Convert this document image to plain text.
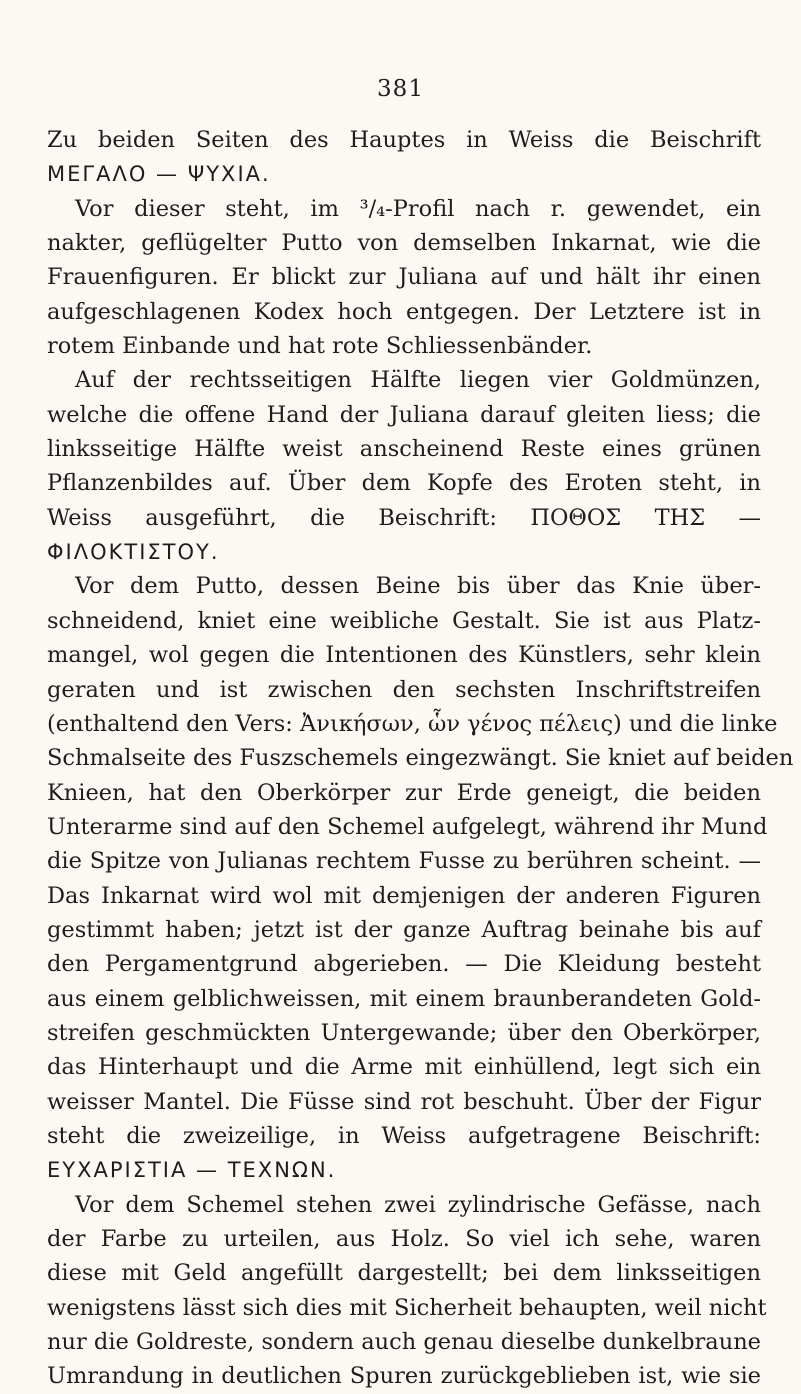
381
Zu beiden Seiten des Hauptes in Weiss die Beischrift
MEΓΑΛΟ — ΨΥΧΙΑ.
Vor dieser steht, im ³/₄-Profil nach r. gewendet, ein
nakter, geflügelter Putto von demselben Inkarnat, wie die
Frauenfiguren. Er blickt zur Juliana auf und hält ihr einen
aufgeschlagenen Kodex hoch entgegen. Der Letztere ist in
rotem Einbande und hat rote Schliessenbänder.
Auf der rechtsseitigen Hälfte liegen vier Goldmünzen,
welche die offene Hand der Juliana darauf gleiten liess; die
linksseitige Hälfte weist anscheinend Reste eines grünen
Pflanzenbildes auf. Über dem Kopfe des Eroten steht, in
Weiss ausgeführt, die Beischrift: ΠΟΘΟΣ ΤΗΣ —
ΦΙΛΟΚΤΙΣΤΟΥ.
Vor dem Putto, dessen Beine bis über das Knie über-
schneidend, kniet eine weibliche Gestalt. Sie ist aus Platz-
mangel, wol gegen die Intentionen des Künstlers, sehr klein
geraten und ist zwischen den sechsten Inschriftstreifen
(enthaltend den Vers: Ἀνικήσων, ὧν γένος πέλεις) und die linke
Schmalseite des Fuszschemels eingezwängt. Sie kniet auf beiden
Knieen, hat den Oberkörper zur Erde geneigt, die beiden
Unterarme sind auf den Schemel aufgelegt, während ihr Mund
die Spitze von Julianas rechtem Fusse zu berühren scheint. —
Das Inkarnat wird wol mit demjenigen der anderen Figuren
gestimmt haben; jetzt ist der ganze Auftrag beinahe bis auf
den Pergamentgrund abgerieben. — Die Kleidung besteht
aus einem gelblichweissen, mit einem braunberandeten Gold-
streifen geschmückten Untergewande; über den Oberkörper,
das Hinterhaupt und die Arme mit einhüllend, legt sich ein
weisser Mantel. Die Füsse sind rot beschuht. Über der Figur
steht die zweizeilige, in Weiss aufgetragene Beischrift:
ΕΥΧΑΡΙΣΤΙΑ — ΤΕΧΝΩΝ.
Vor dem Schemel stehen zwei zylindrische Gefässe, nach
der Farbe zu urteilen, aus Holz. So viel ich sehe, waren
diese mit Geld angefüllt dargestellt; bei dem linksseitigen
wenigstens lässt sich dies mit Sicherheit behaupten, weil nicht
nur die Goldreste, sondern auch genau dieselbe dunkelbraune
Umrandung in deutlichen Spuren zurückgeblieben ist, wie sie
